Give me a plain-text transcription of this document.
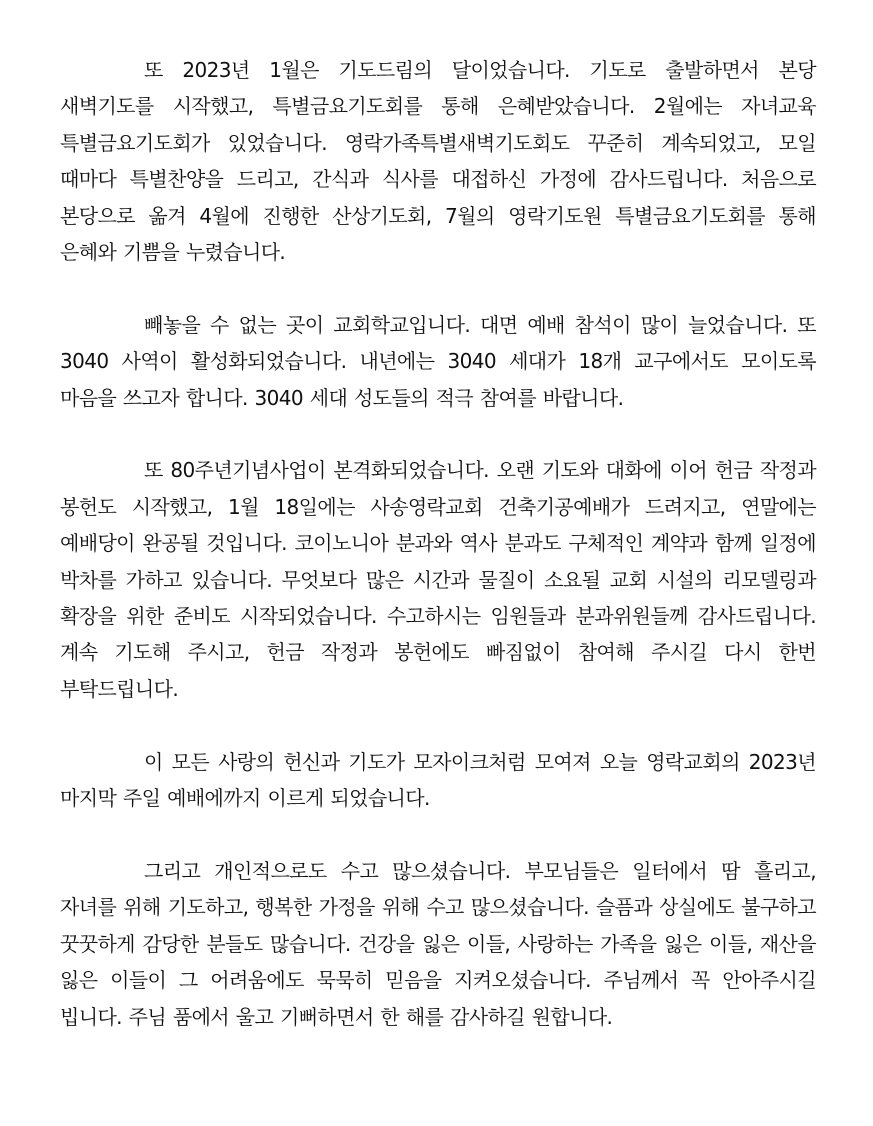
또 2023년 1월은 기도드림의 달이었습니다. 기도로 출발하면서 본당 새벽기도를 시작했고, 특별금요기도회를 통해 은혜받았습니다. 2월에는 자녀교육 특별금요기도회가 있었습니다. 영락가족특별새벽기도회도 꾸준히 계속되었고, 모일 때마다 특별찬양을 드리고, 간식과 식사를 대접하신 가정에 감사드립니다. 처음으로 본당으로 옮겨 4월에 진행한 산상기도회, 7월의 영락기도원 특별금요기도회를 통해 은혜와 기쁨을 누렸습니다.

빼놓을 수 없는 곳이 교회학교입니다. 대면 예배 참석이 많이 늘었습니다. 또 3040 사역이 활성화되었습니다. 내년에는 3040 세대가 18개 교구에서도 모이도록 마음을 쓰고자 합니다. 3040 세대 성도들의 적극 참여를 바랍니다.

또 80주년기념사업이 본격화되었습니다. 오랜 기도와 대화에 이어 헌금 작정과 봉헌도 시작했고, 1월 18일에는 사송영락교회 건축기공예배가 드려지고, 연말에는 예배당이 완공될 것입니다. 코이노니아 분과와 역사 분과도 구체적인 계약과 함께 일정에 박차를 가하고 있습니다. 무엇보다 많은 시간과 물질이 소요될 교회 시설의 리모델링과 확장을 위한 준비도 시작되었습니다. 수고하시는 임원들과 분과위원들께 감사드립니다. 계속 기도해 주시고, 헌금 작정과 봉헌에도 빠짐없이 참여해 주시길 다시 한번 부탁드립니다.

이 모든 사랑의 헌신과 기도가 모자이크처럼 모여져 오늘 영락교회의 2023년 마지막 주일 예배에까지 이르게 되었습니다.

그리고 개인적으로도 수고 많으셨습니다. 부모님들은 일터에서 땀 흘리고, 자녀를 위해 기도하고, 행복한 가정을 위해 수고 많으셨습니다. 슬픔과 상실에도 불구하고 꿋꿋하게 감당한 분들도 많습니다. 건강을 잃은 이들, 사랑하는 가족을 잃은 이들, 재산을 잃은 이들이 그 어려움에도 묵묵히 믿음을 지켜오셨습니다. 주님께서 꼭 안아주시길 빕니다. 주님 품에서 울고 기뻐하면서 한 해를 감사하길 원합니다.
